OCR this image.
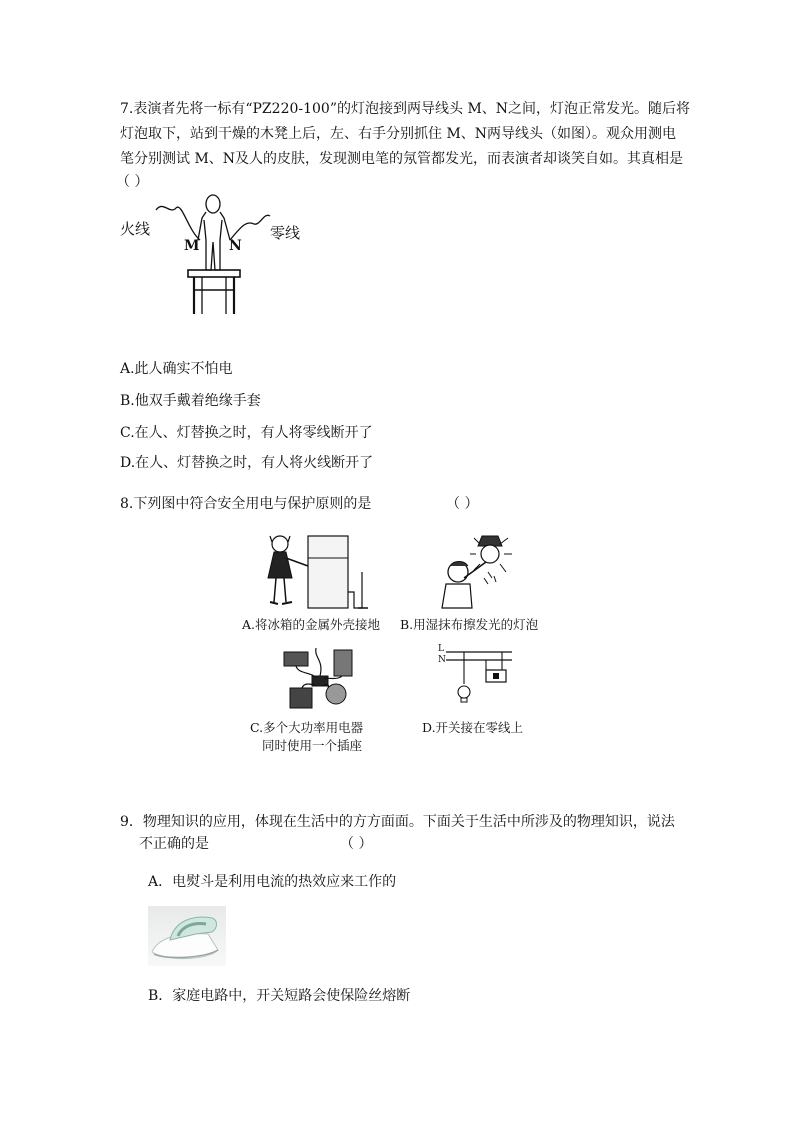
7.表演者先将一标有“PZ220-100”的灯泡接到两导线头 M、N之间，灯泡正常发光。随后将
灯泡取下，站到干燥的木凳上后，左、右手分别抓住 M、N两导线头（如图）。观众用测电
笔分别测试 M、N及人的皮肤，发现测电笔的氖管都发光，而表演者却谈笑自如。其真相是
（ ）
火线	零线
M N
A.此人确实不怕电
B.他双手戴着绝缘手套
C.在人、灯替换之时，有人将零线断开了
D.在人、灯替换之时，有人将火线断开了
8.下列图中符合安全用电与保护原则的是	（ ）
A.将冰箱的金属外壳接地 B.用湿抹布擦发光的灯泡
L
N
C.多个大功率用电器
同时使用一个插座
D.开关接在零线上
9．物理知识的应用，体现在生活中的方方面面。下面关于生活中所涉及的物理知识，说法
不正确的是	（ ）
A．电熨斗是利用电流的热效应来工作的
B．家庭电路中，开关短路会使保险丝熔断
